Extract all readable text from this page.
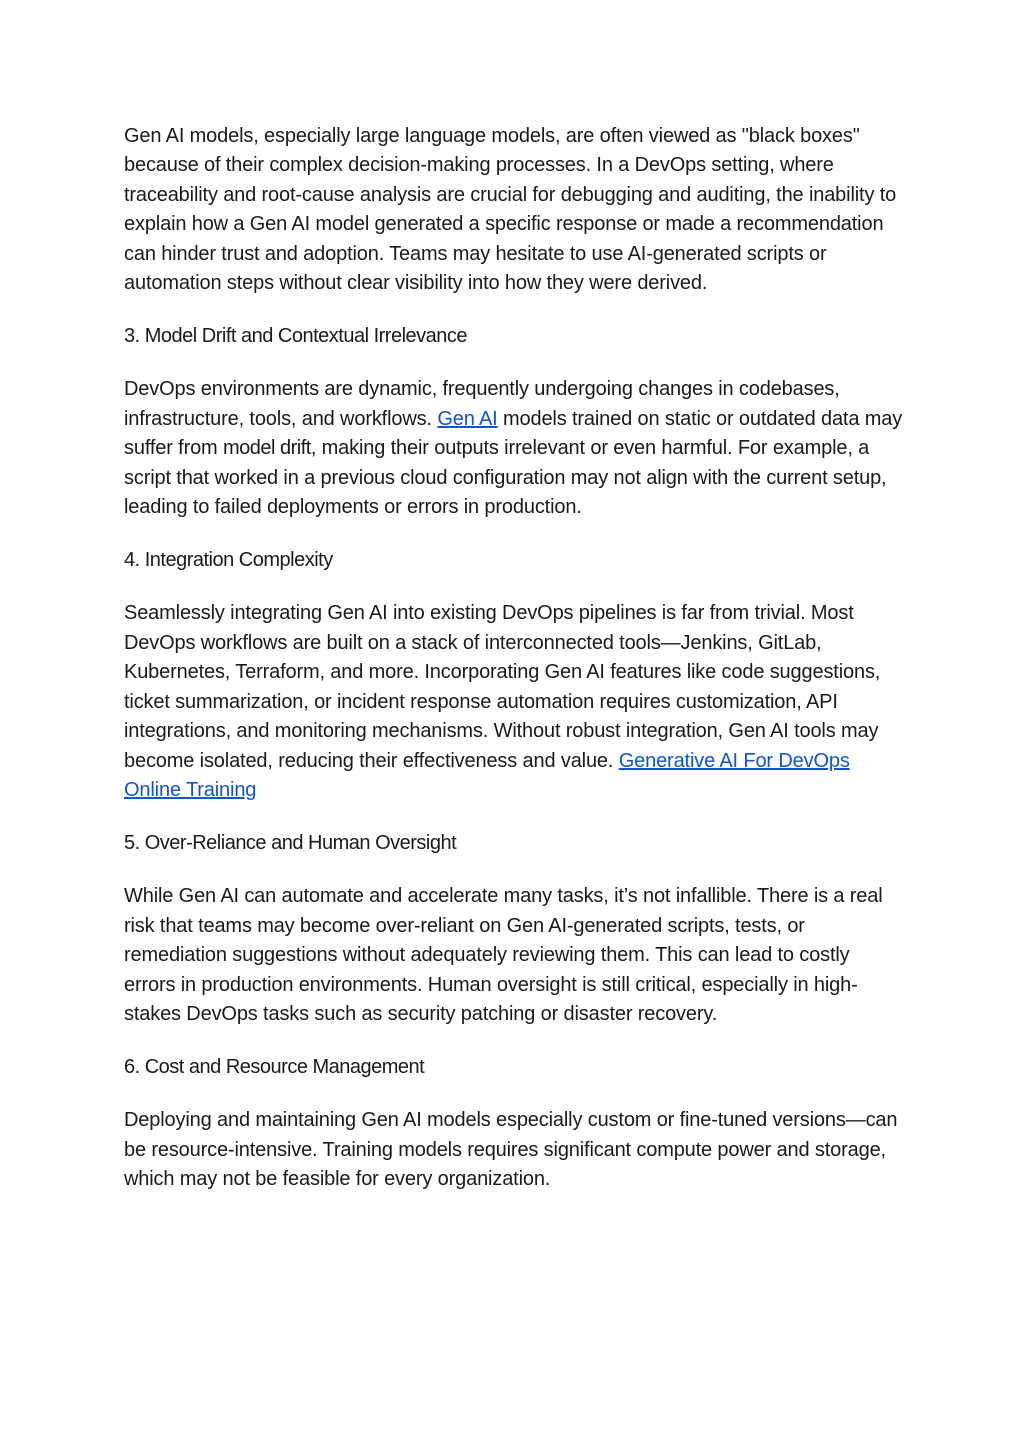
Gen AI models, especially large language models, are often viewed as "black boxes" because of their complex decision-making processes. In a DevOps setting, where traceability and root-cause analysis are crucial for debugging and auditing, the inability to explain how a Gen AI model generated a specific response or made a recommendation can hinder trust and adoption. Teams may hesitate to use AI-generated scripts or automation steps without clear visibility into how they were derived.

3. Model Drift and Contextual Irrelevance

DevOps environments are dynamic, frequently undergoing changes in codebases, infrastructure, tools, and workflows. Gen AI models trained on static or outdated data may suffer from model drift, making their outputs irrelevant or even harmful. For example, a script that worked in a previous cloud configuration may not align with the current setup, leading to failed deployments or errors in production.

4. Integration Complexity

Seamlessly integrating Gen AI into existing DevOps pipelines is far from trivial. Most DevOps workflows are built on a stack of interconnected tools—Jenkins, GitLab, Kubernetes, Terraform, and more. Incorporating Gen AI features like code suggestions, ticket summarization, or incident response automation requires customization, API integrations, and monitoring mechanisms. Without robust integration, Gen AI tools may become isolated, reducing their effectiveness and value. Generative AI For DevOps Online Training

5. Over-Reliance and Human Oversight

While Gen AI can automate and accelerate many tasks, it’s not infallible. There is a real risk that teams may become over-reliant on Gen AI-generated scripts, tests, or remediation suggestions without adequately reviewing them. This can lead to costly errors in production environments. Human oversight is still critical, especially in high-stakes DevOps tasks such as security patching or disaster recovery.

6. Cost and Resource Management

Deploying and maintaining Gen AI models especially custom or fine-tuned versions—can be resource-intensive. Training models requires significant compute power and storage, which may not be feasible for every organization.
